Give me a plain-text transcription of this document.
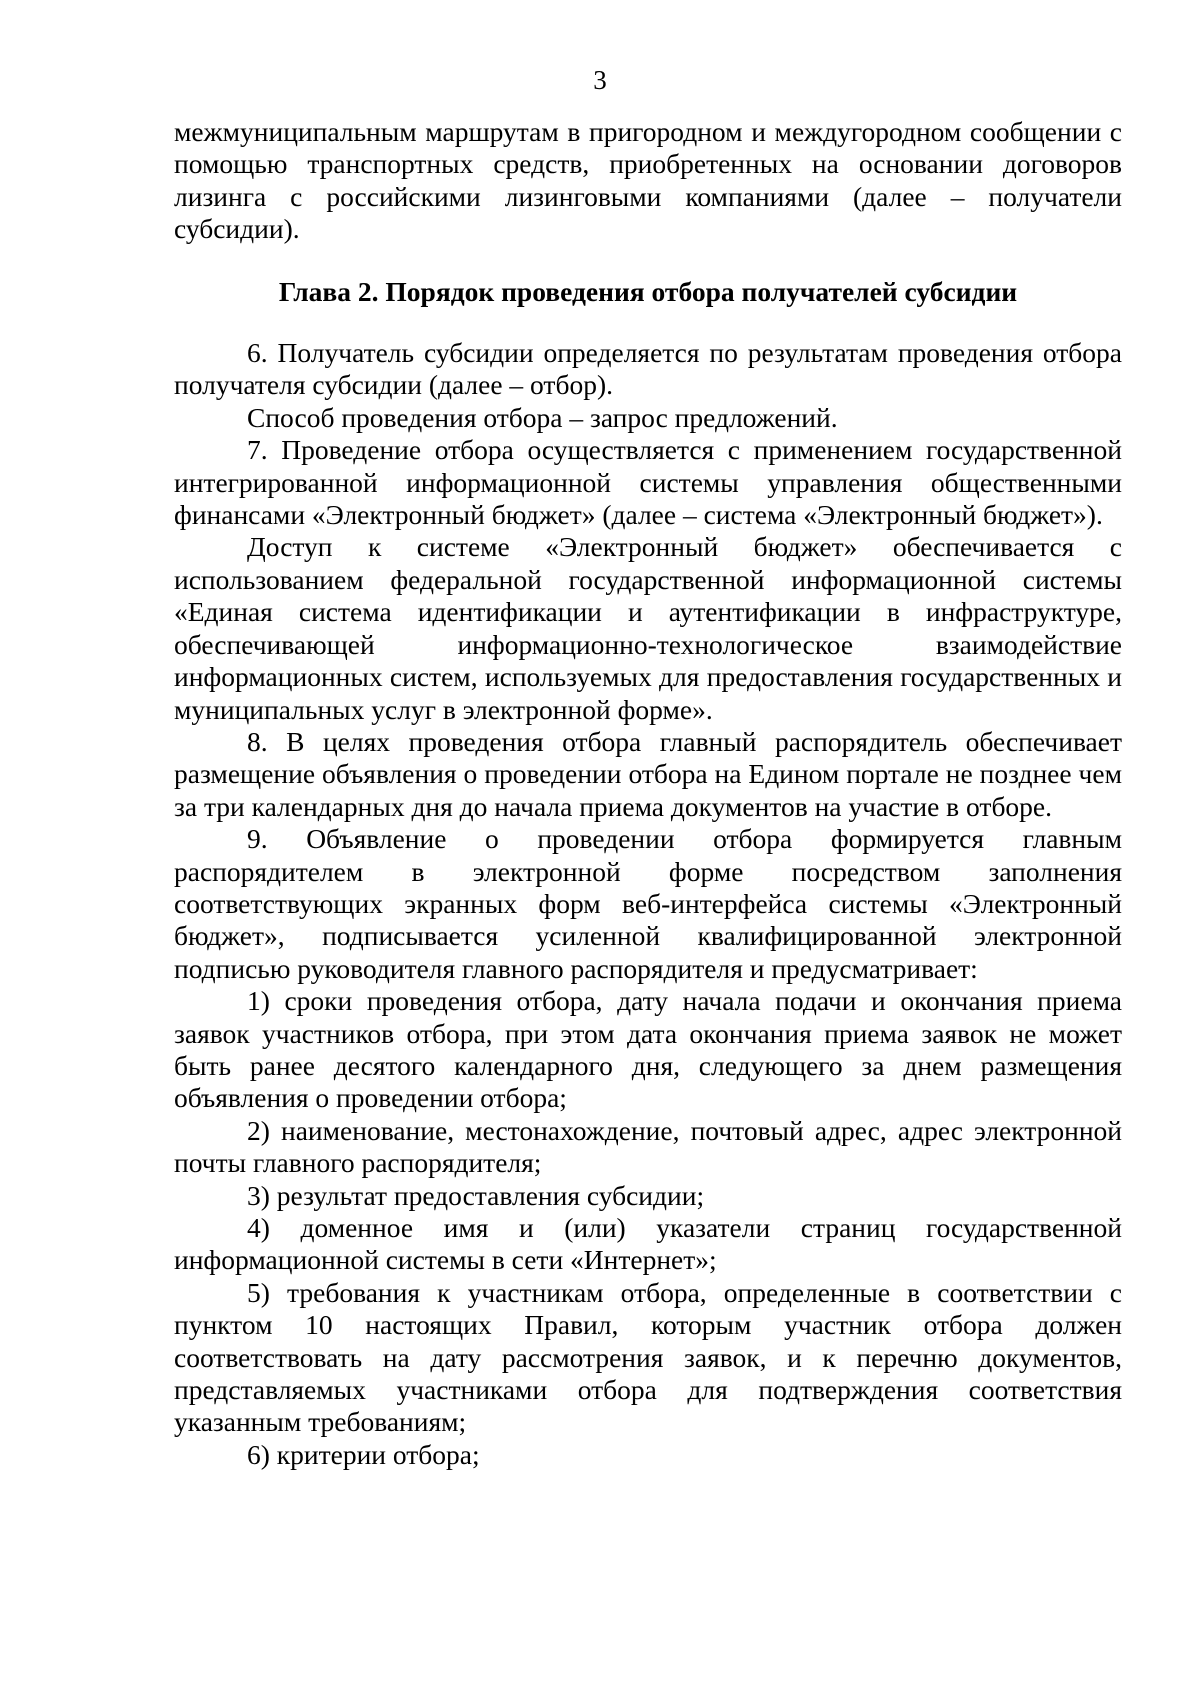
3

межмуниципальным маршрутам в пригородном и междугородном сообщении с помощью транспортных средств, приобретенных на основании договоров лизинга с российскими лизинговыми компаниями (далее – получатели субсидии).

Глава 2. Порядок проведения отбора получателей субсидии

6. Получатель субсидии определяется по результатам проведения отбора получателя субсидии (далее – отбор).

Способ проведения отбора – запрос предложений.

7. Проведение отбора осуществляется с применением государственной интегрированной информационной системы управления общественными финансами «Электронный бюджет» (далее – система «Электронный бюджет»).

Доступ к системе «Электронный бюджет» обеспечивается с использованием федеральной государственной информационной системы «Единая система идентификации и аутентификации в инфраструктуре, обеспечивающей информационно-технологическое взаимодействие информационных систем, используемых для предоставления государственных и муниципальных услуг в электронной форме».

8. В целях проведения отбора главный распорядитель обеспечивает размещение объявления о проведении отбора на Едином портале не позднее чем за три календарных дня до начала приема документов на участие в отборе.

9. Объявление о проведении отбора формируется главным распорядителем в электронной форме посредством заполнения соответствующих экранных форм веб-интерфейса системы «Электронный бюджет», подписывается усиленной квалифицированной электронной подписью руководителя главного распорядителя и предусматривает:

1) сроки проведения отбора, дату начала подачи и окончания приема заявок участников отбора, при этом дата окончания приема заявок не может быть ранее десятого календарного дня, следующего за днем размещения объявления о проведении отбора;

2) наименование, местонахождение, почтовый адрес, адрес электронной почты главного распорядителя;

3) результат предоставления субсидии;

4) доменное имя и (или) указатели страниц государственной информационной системы в сети «Интернет»;

5) требования к участникам отбора, определенные в соответствии с пунктом 10 настоящих Правил, которым участник отбора должен соответствовать на дату рассмотрения заявок, и к перечню документов, представляемых участниками отбора для подтверждения соответствия указанным требованиям;

6) критерии отбора;
